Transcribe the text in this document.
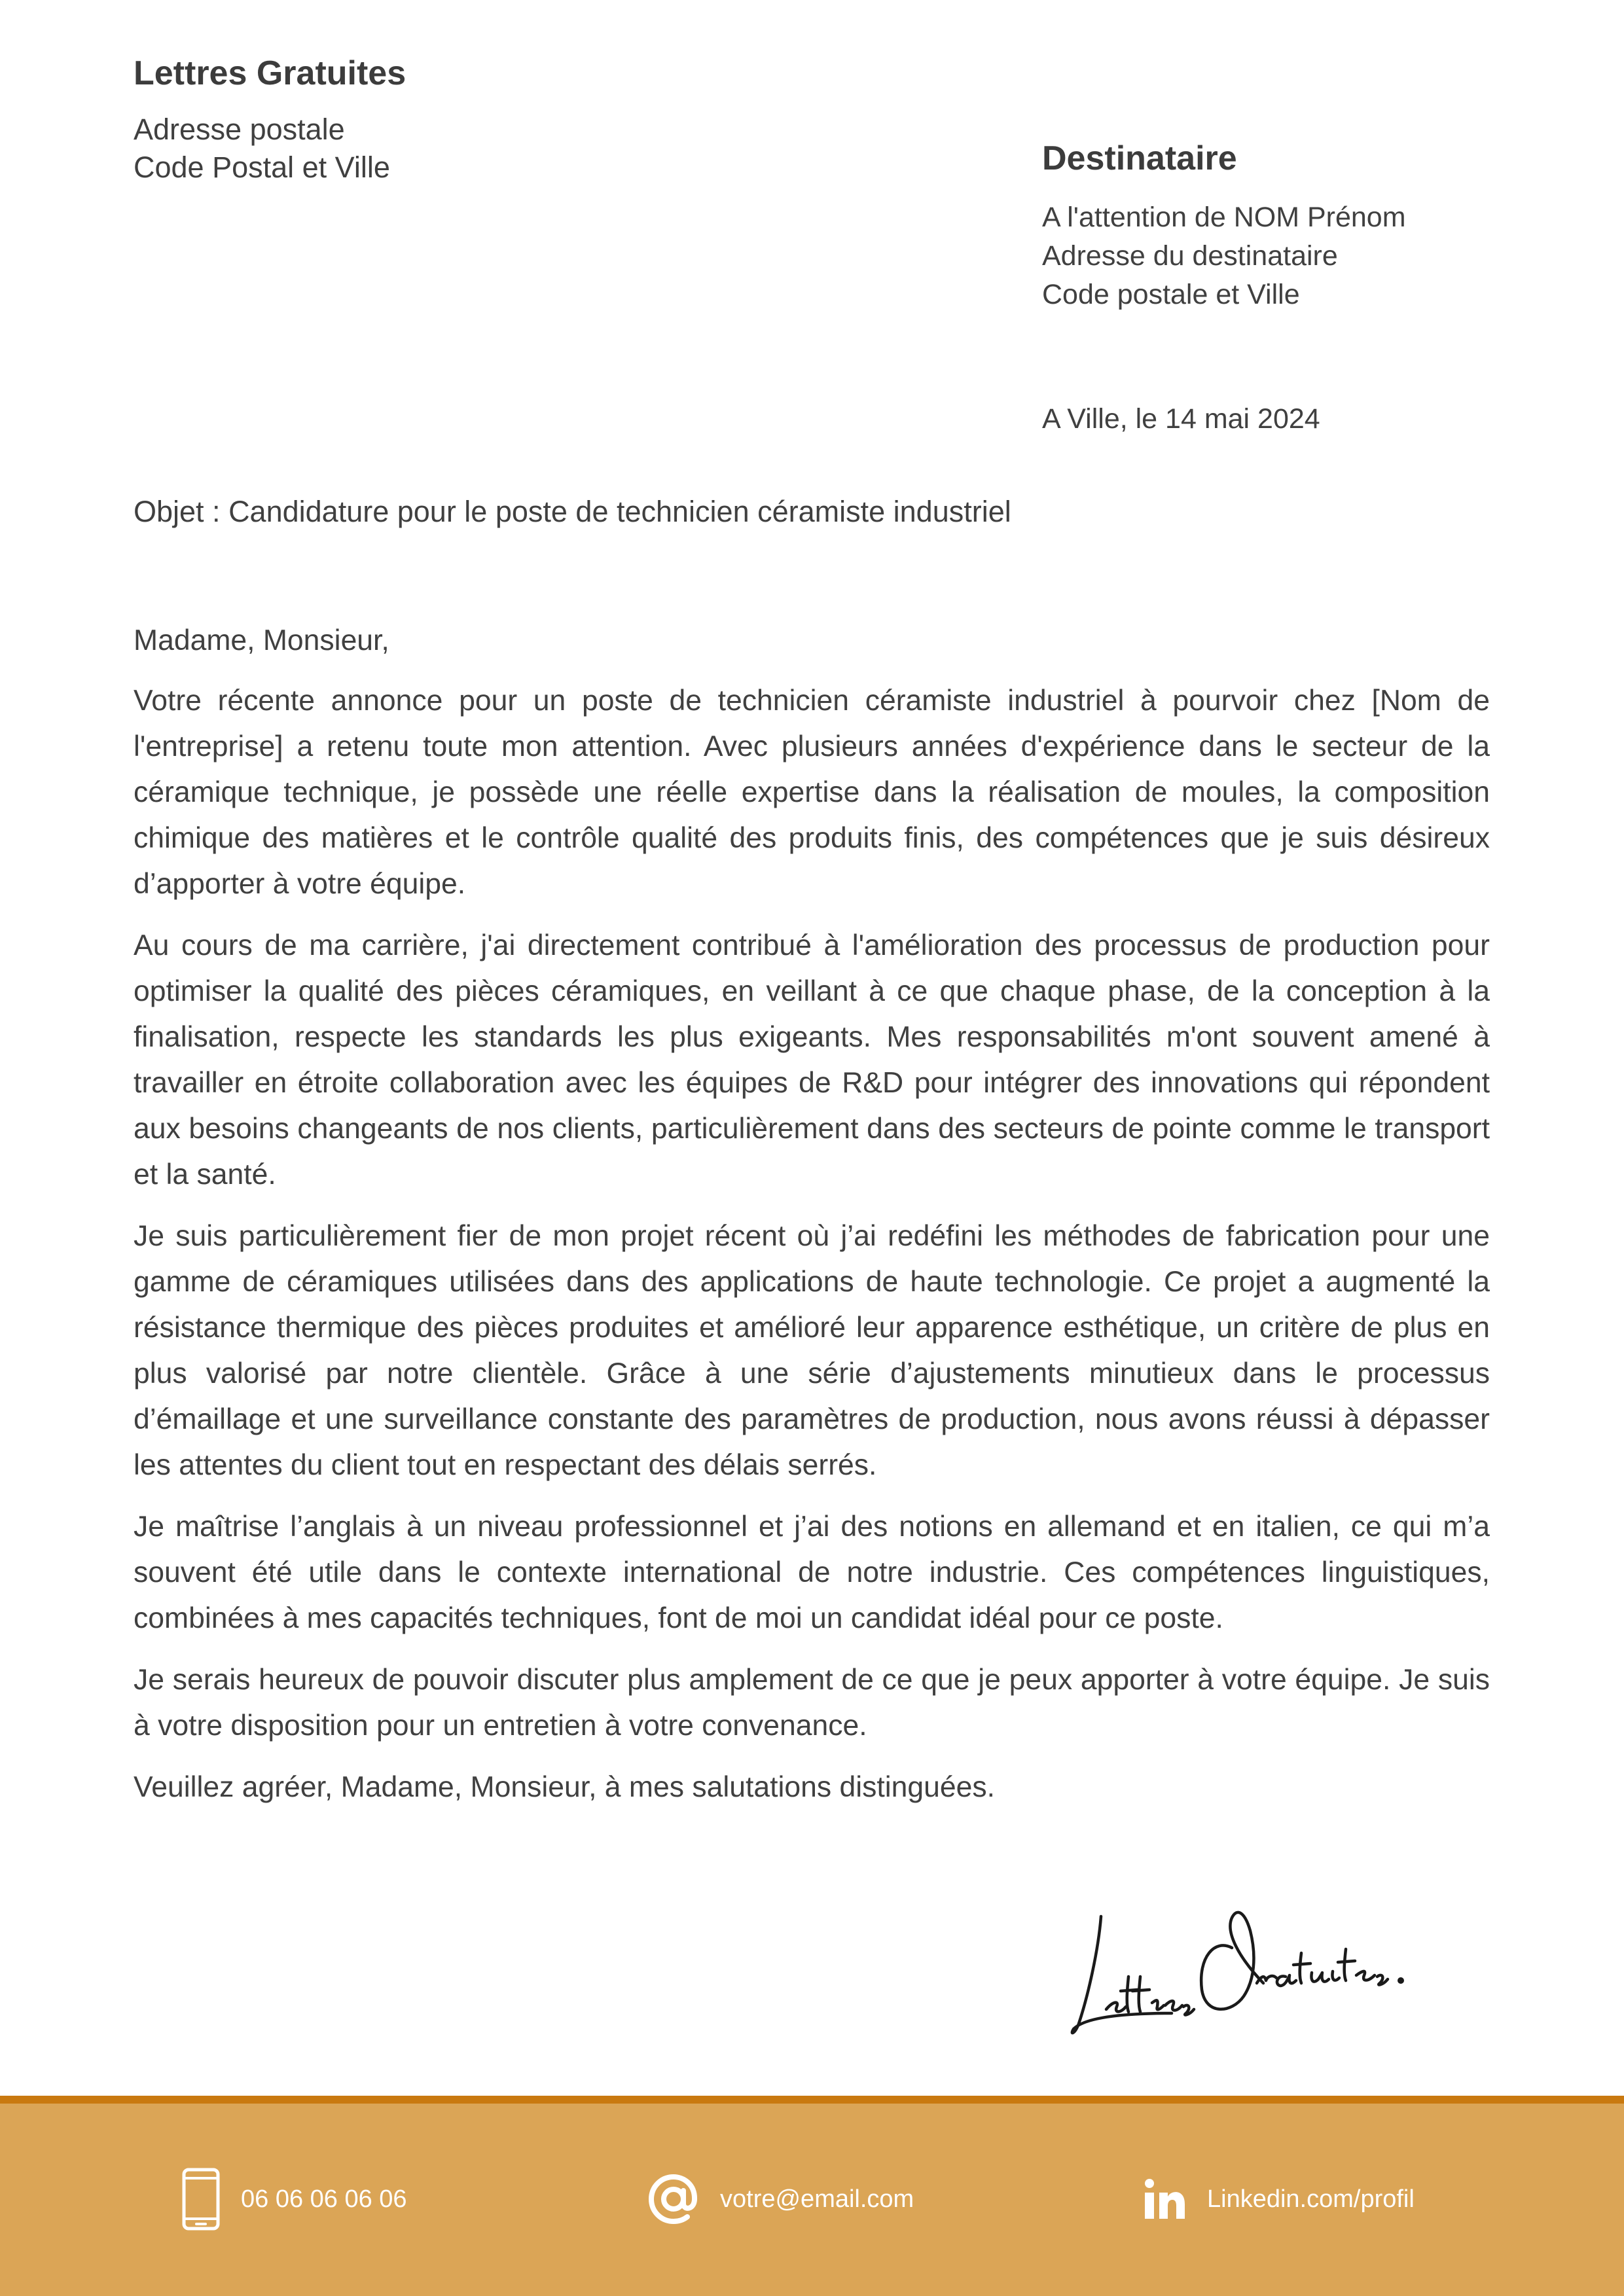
Lettres Gratuites
Adresse postale
Code Postal et Ville	Destinataire
A l'attention de NOM Prénom
Adresse du destinataire
Code postale et Ville
A Ville, le 14 mai 2024
Objet : Candidature pour le poste de technicien céramiste industriel

Madame, Monsieur,

Votre récente annonce pour un poste de technicien céramiste industriel à pourvoir chez [Nom de l'entreprise] a retenu toute mon attention. Avec plusieurs années d'expérience dans le secteur de la céramique technique, je possède une réelle expertise dans la réalisation de moules, la composition chimique des matières et le contrôle qualité des produits finis, des compétences que je suis désireux d’apporter à votre équipe.

Au cours de ma carrière, j'ai directement contribué à l'amélioration des processus de production pour optimiser la qualité des pièces céramiques, en veillant à ce que chaque phase, de la conception à la finalisation, respecte les standards les plus exigeants. Mes responsabilités m'ont souvent amené à travailler en étroite collaboration avec les équipes de R&D pour intégrer des innovations qui répondent aux besoins changeants de nos clients, particulièrement dans des secteurs de pointe comme le transport et la santé.

Je suis particulièrement fier de mon projet récent où j’ai redéfini les méthodes de fabrication pour une gamme de céramiques utilisées dans des applications de haute technologie. Ce projet a augmenté la résistance thermique des pièces produites et amélioré leur apparence esthétique, un critère de plus en plus valorisé par notre clientèle. Grâce à une série d’ajustements minutieux dans le processus d’émaillage et une surveillance constante des paramètres de production, nous avons réussi à dépasser les attentes du client tout en respectant des délais serrés.

Je maîtrise l’anglais à un niveau professionnel et j’ai des notions en allemand et en italien, ce qui m’a souvent été utile dans le contexte international de notre industrie. Ces compétences linguistiques, combinées à mes capacités techniques, font de moi un candidat idéal pour ce poste.

Je serais heureux de pouvoir discuter plus amplement de ce que je peux apporter à votre équipe. Je suis à votre disposition pour un entretien à votre convenance.

Veuillez agréer, Madame, Monsieur, à mes salutations distinguées.

06 06 06 06 06	votre@email.com	Linkedin.com/profil
